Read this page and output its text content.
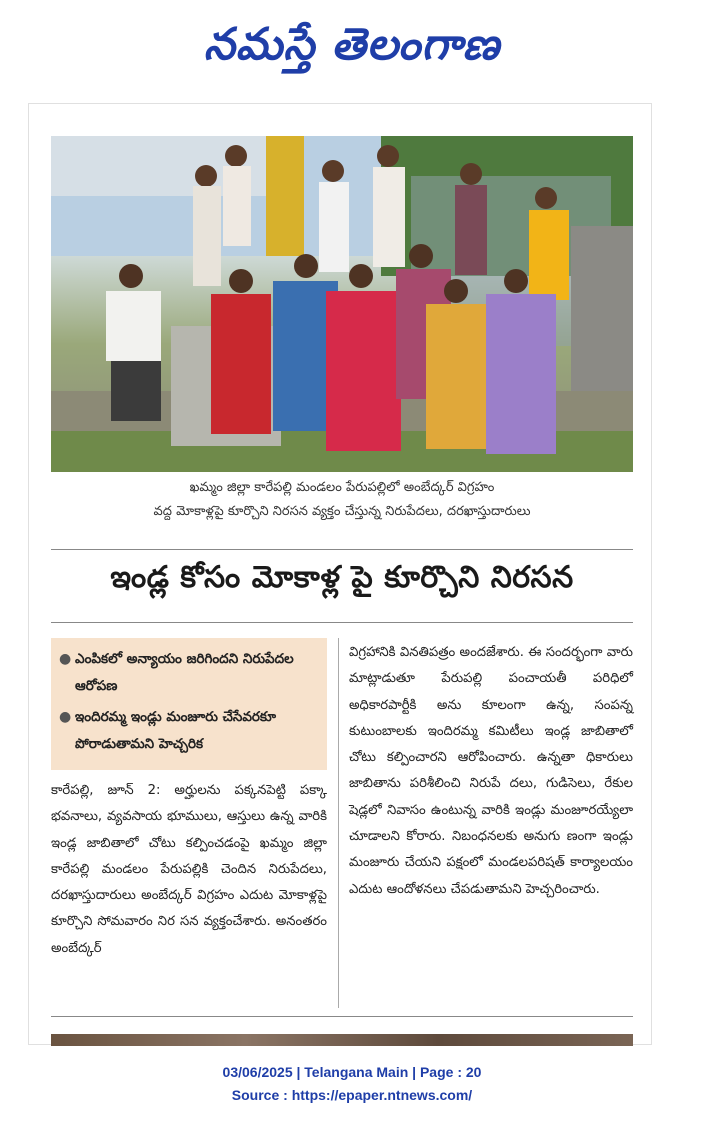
నమస్తే తెలంగాణ
ఖమ్మం జిల్లా కారేపల్లి మండలం పేరుపల్లిలో అంబేద్కర్ విగ్రహం
వద్ద మోకాళ్లపై కూర్చొని నిరసన వ్యక్తం చేస్తున్న నిరుపేదలు, దరఖాస్తుదారులు
ఇండ్ల కోసం మోకాళ్ల పై కూర్చొని నిరసన
● ఎంపికలో అన్యాయం జరిగిందని నిరుపేదల ఆరోపణ
● ఇందిరమ్మ ఇండ్లు మంజూరు చేసేవరకూ పోరాడుతామని హెచ్చరిక
కారేపల్లి, జూన్ 2: అర్హులను పక్కనపెట్టి పక్కా భవనాలు, వ్యవసాయ భూములు, ఆస్తులు ఉన్న వారికి ఇండ్ల జాబితాలో చోటు కల్పించడంపై ఖమ్మం జిల్లా కారేపల్లి మండలం పేరుపల్లికి చెందిన నిరుపేదలు, దరఖాస్తుదారులు అంబేద్కర్ విగ్రహం ఎదుట మోకాళ్లపై కూర్చొని సోమవారం నిర సన వ్యక్తంచేశారు. అనంతరం అంబేద్కర్
విగ్రహానికి వినతిపత్రం అందజేశారు. ఈ సందర్భంగా వారు మాట్లాడుతూ పేరుపల్లి పంచాయతీ పరిధిలో అధికారపార్టీకి అను కూలంగా ఉన్న, సంపన్న కుటుంబాలకు ఇందిరమ్మ కమిటీలు ఇండ్ల జాబితాలో చోటు కల్పించారని ఆరోపించారు. ఉన్నతా ధికారులు జాబితాను పరిశీలించి నిరుపే దలు, గుడిసెలు, రేకుల షెడ్లలో నివాసం ఉంటున్న వారికి ఇండ్లు మంజూరయ్యేలా చూడాలని కోరారు. నిబంధనలకు అనుగు ణంగా ఇండ్లు మంజూరు చేయని పక్షంలో మండలపరిషత్ కార్యాలయం ఎదుట ఆందోళనలు చేపడుతామని హెచ్చరించారు.
03/06/2025 | Telangana Main | Page : 20
Source : https://epaper.ntnews.com/
